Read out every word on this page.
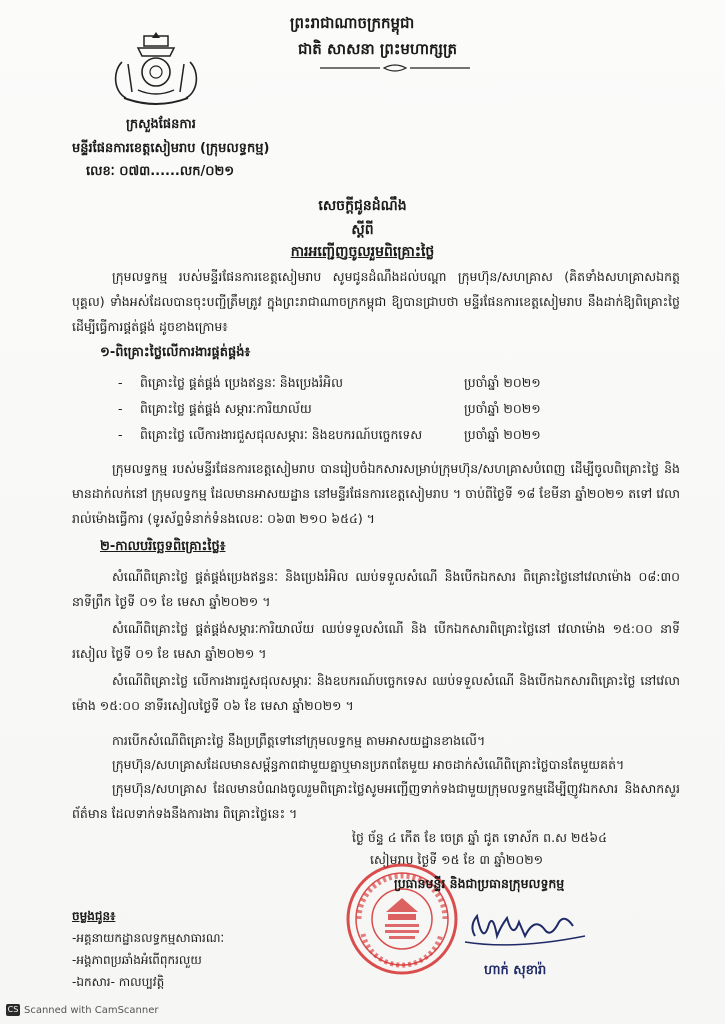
ព្រះរាជាណាចក្រកម្ពុជា
ជាតិ សាសនា ព្រះមហាក្សត្រ
ក្រសួងផែនការ
មន្ទីរផែនការខេត្តសៀមរាប (ក្រុមលទ្ធកម្ម)
លេខៈ ០៧៣......លក/០២១
សេចក្តីជូនដំណឹង
ស្តីពី
ការអញ្ជើញចូលរួមពិគ្រោះថ្លៃ
ក្រុមលទ្ធកម្ម របស់មន្ទីរផែនការខេត្តសៀមរាប សូមជូនដំណឹងដល់បណ្តា ក្រុមហ៊ុន/សហគ្រាស (គិតទាំងសហគ្រាសឯកត្តបុគ្គល) ទាំងអស់ដែលបានចុះបញ្ជីត្រឹមត្រូវ ក្នុងព្រះរាជាណាចក្រកម្ពុជា ឱ្យបានជ្រាបថា មន្ទីរផែនការខេត្តសៀមរាប នឹងដាក់ឱ្យពិគ្រោះថ្លៃ ដើម្បីធ្វើការផ្គត់ផ្គង់ ដូចខាងក្រោម៖
១-ពិគ្រោះថ្លៃលើការងារផ្គត់ផ្គង់៖
- ពិគ្រោះថ្លៃ ផ្គត់ផ្គង់ ប្រេងឥន្ធនៈ និងប្រេងរំអិល	ប្រចាំឆ្នាំ ២០២១
- ពិគ្រោះថ្លៃ ផ្គត់ផ្គង់ សម្ភារៈការិយាល័យ	ប្រចាំឆ្នាំ ២០២១
- ពិគ្រោះថ្លៃ លើការងារជួសជុលសម្ភារៈ និងឧបករណ៍បច្ចេកទេស	ប្រចាំឆ្នាំ ២០២១
ក្រុមលទ្ធកម្ម របស់មន្ទីរផែនការខេត្តសៀមរាប បានរៀបចំឯកសារសម្រាប់ក្រុមហ៊ុន/សហគ្រាសបំពេញ ដើម្បីចូលពិគ្រោះថ្លៃ និងមានដាក់លក់នៅ ក្រុមលទ្ធកម្ម ដែលមានអាសយដ្ឋាន នៅមន្ទីរផែនការខេត្តសៀមរាប ។ ចាប់ពីថ្ងៃទី ១៨ ខែមីនា ឆ្នាំ២០២១ តទៅ វេលារាល់ម៉ោងធ្វើការ (ទូរស័ព្ទទំនាក់ទំនងលេខៈ ០៦៣ ២១០ ៦៥៤) ។
២-កាលបរិច្ឆេទពិគ្រោះថ្លៃ៖
សំណើពិគ្រោះថ្លៃ ផ្គត់ផ្គង់ប្រេងឥន្ធនៈ និងប្រេងរំអិល ឈប់ទទួលសំណើ និងបើកឯកសារ ពិគ្រោះថ្លៃនៅវេលាម៉ោង ០៨:៣០ នាទីព្រឹក ថ្ងៃទី ០១ ខែ មេសា ឆ្នាំ២០២១ ។
សំណើពិគ្រោះថ្លៃ ផ្គត់ផ្គង់សម្ភារៈការិយាល័យ ឈប់ទទួលសំណើ និង បើកឯកសារពិគ្រោះថ្លៃនៅ វេលាម៉ោង ១៥:០០ នាទីរសៀល ថ្ងៃទី ០១ ខែ មេសា ឆ្នាំ២០២១ ។
សំណើពិគ្រោះថ្លៃ លើការងារជួសជុលសម្ភារៈ និងឧបករណ៍បច្ចេកទេស ឈប់ទទួលសំណើ និងបើកឯកសារពិគ្រោះថ្លៃ នៅវេលាម៉ោង ១៥:០០ នាទីរសៀលថ្ងៃទី ០៦ ខែ មេសា ឆ្នាំ២០២១ ។
ការបើកសំណើពិគ្រោះថ្លៃ នឹងប្រព្រឹត្តទៅនៅក្រុមលទ្ធកម្ម តាមអាសយដ្ឋានខាងលើ។
ក្រុមហ៊ុន/សហគ្រាសដែលមានសម្ព័ន្ធភាពជាមួយគ្នាឬមានប្រភពតែមួយ អាចដាក់សំណើពិគ្រោះថ្លៃបានតែមួយគត់។
ក្រុមហ៊ុន/សហគ្រាស ដែលមានបំណងចូលរួមពិគ្រោះថ្លៃសូមអញ្ជើញទាក់ទងជាមួយក្រុមលទ្ធកម្មដើម្បីញូវឯកសារ និងសាកសួរព័ត៌មាន ដែលទាក់ទងនឹងការងារ ពិគ្រោះថ្លៃនេះ ។
ថ្ងៃ ច័ន្ទ ៤ កើត ខែ ចេត្រ ឆ្នាំ ជូត ទោស័ក ព.ស ២៥៦៤
សៀមរាប ថ្ងៃទី ១៥ ខែ ៣ ឆ្នាំ២០២១
ប្រធានមន្ទីរ និងជាប្រធានក្រុមលទ្ធកម្ម
ហាក់ សុខារ៉ា
ចម្លងជូន៖
-អគ្គនាយកដ្ឋានលទ្ធកម្មសាធារណៈ
-អង្គភាពប្រឆាំងអំពើពុករលួយ
-ឯកសារ- កាលប្បវត្តិ
CS Scanned with CamScanner
